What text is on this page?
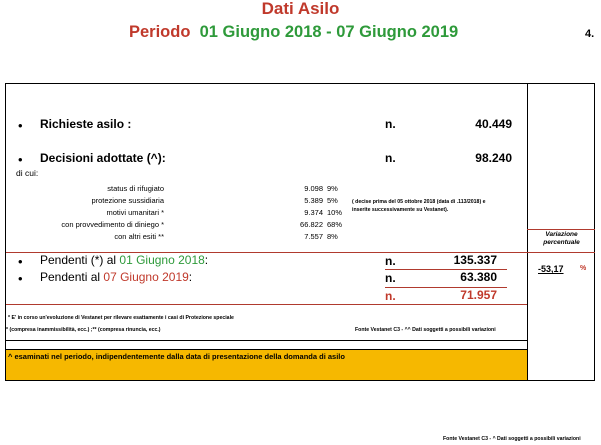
Dati Asilo
Periodo 01 Giugno 2018 - 07 Giugno 2019	4.
• Richieste asilo :	n.	40.449
• Decisioni adottate (^):	n.	98.240
di cui:
status di rifugiato	9.098 9%
protezione sussidiaria	5.389 5%
motivi umanitari *	9.374 10%
con provvedimento di diniego *	66.822 68%
con altri esiti **	7.557 8%
( decise prima del 05 ottobre 2018 (data di .113/2018) e
inserite successivamente su Vestanet).
Variazione
percentuale
-53,17 %
• Pendenti (*) al 01 Giugno 2018:	n.	135.337
• Pendenti al 07 Giugno 2019:	n.	63.380
n.	71.957
* E' in corso un'evoluzione di Vestanet per rilevare esattamente i casi di Protezione speciale
* (compresa inammissibilità, ecc.) ;** (compresa rinuncia, ecc.)	Fonte Vestanet C3 - ^^ Dati soggetti a possibili variazioni
^ esaminati nel periodo, indipendentemente dalla data di presentazione della domanda di asilo
Fonte Vestanet C3 - ^ Dati soggetti a possibili variazioni
